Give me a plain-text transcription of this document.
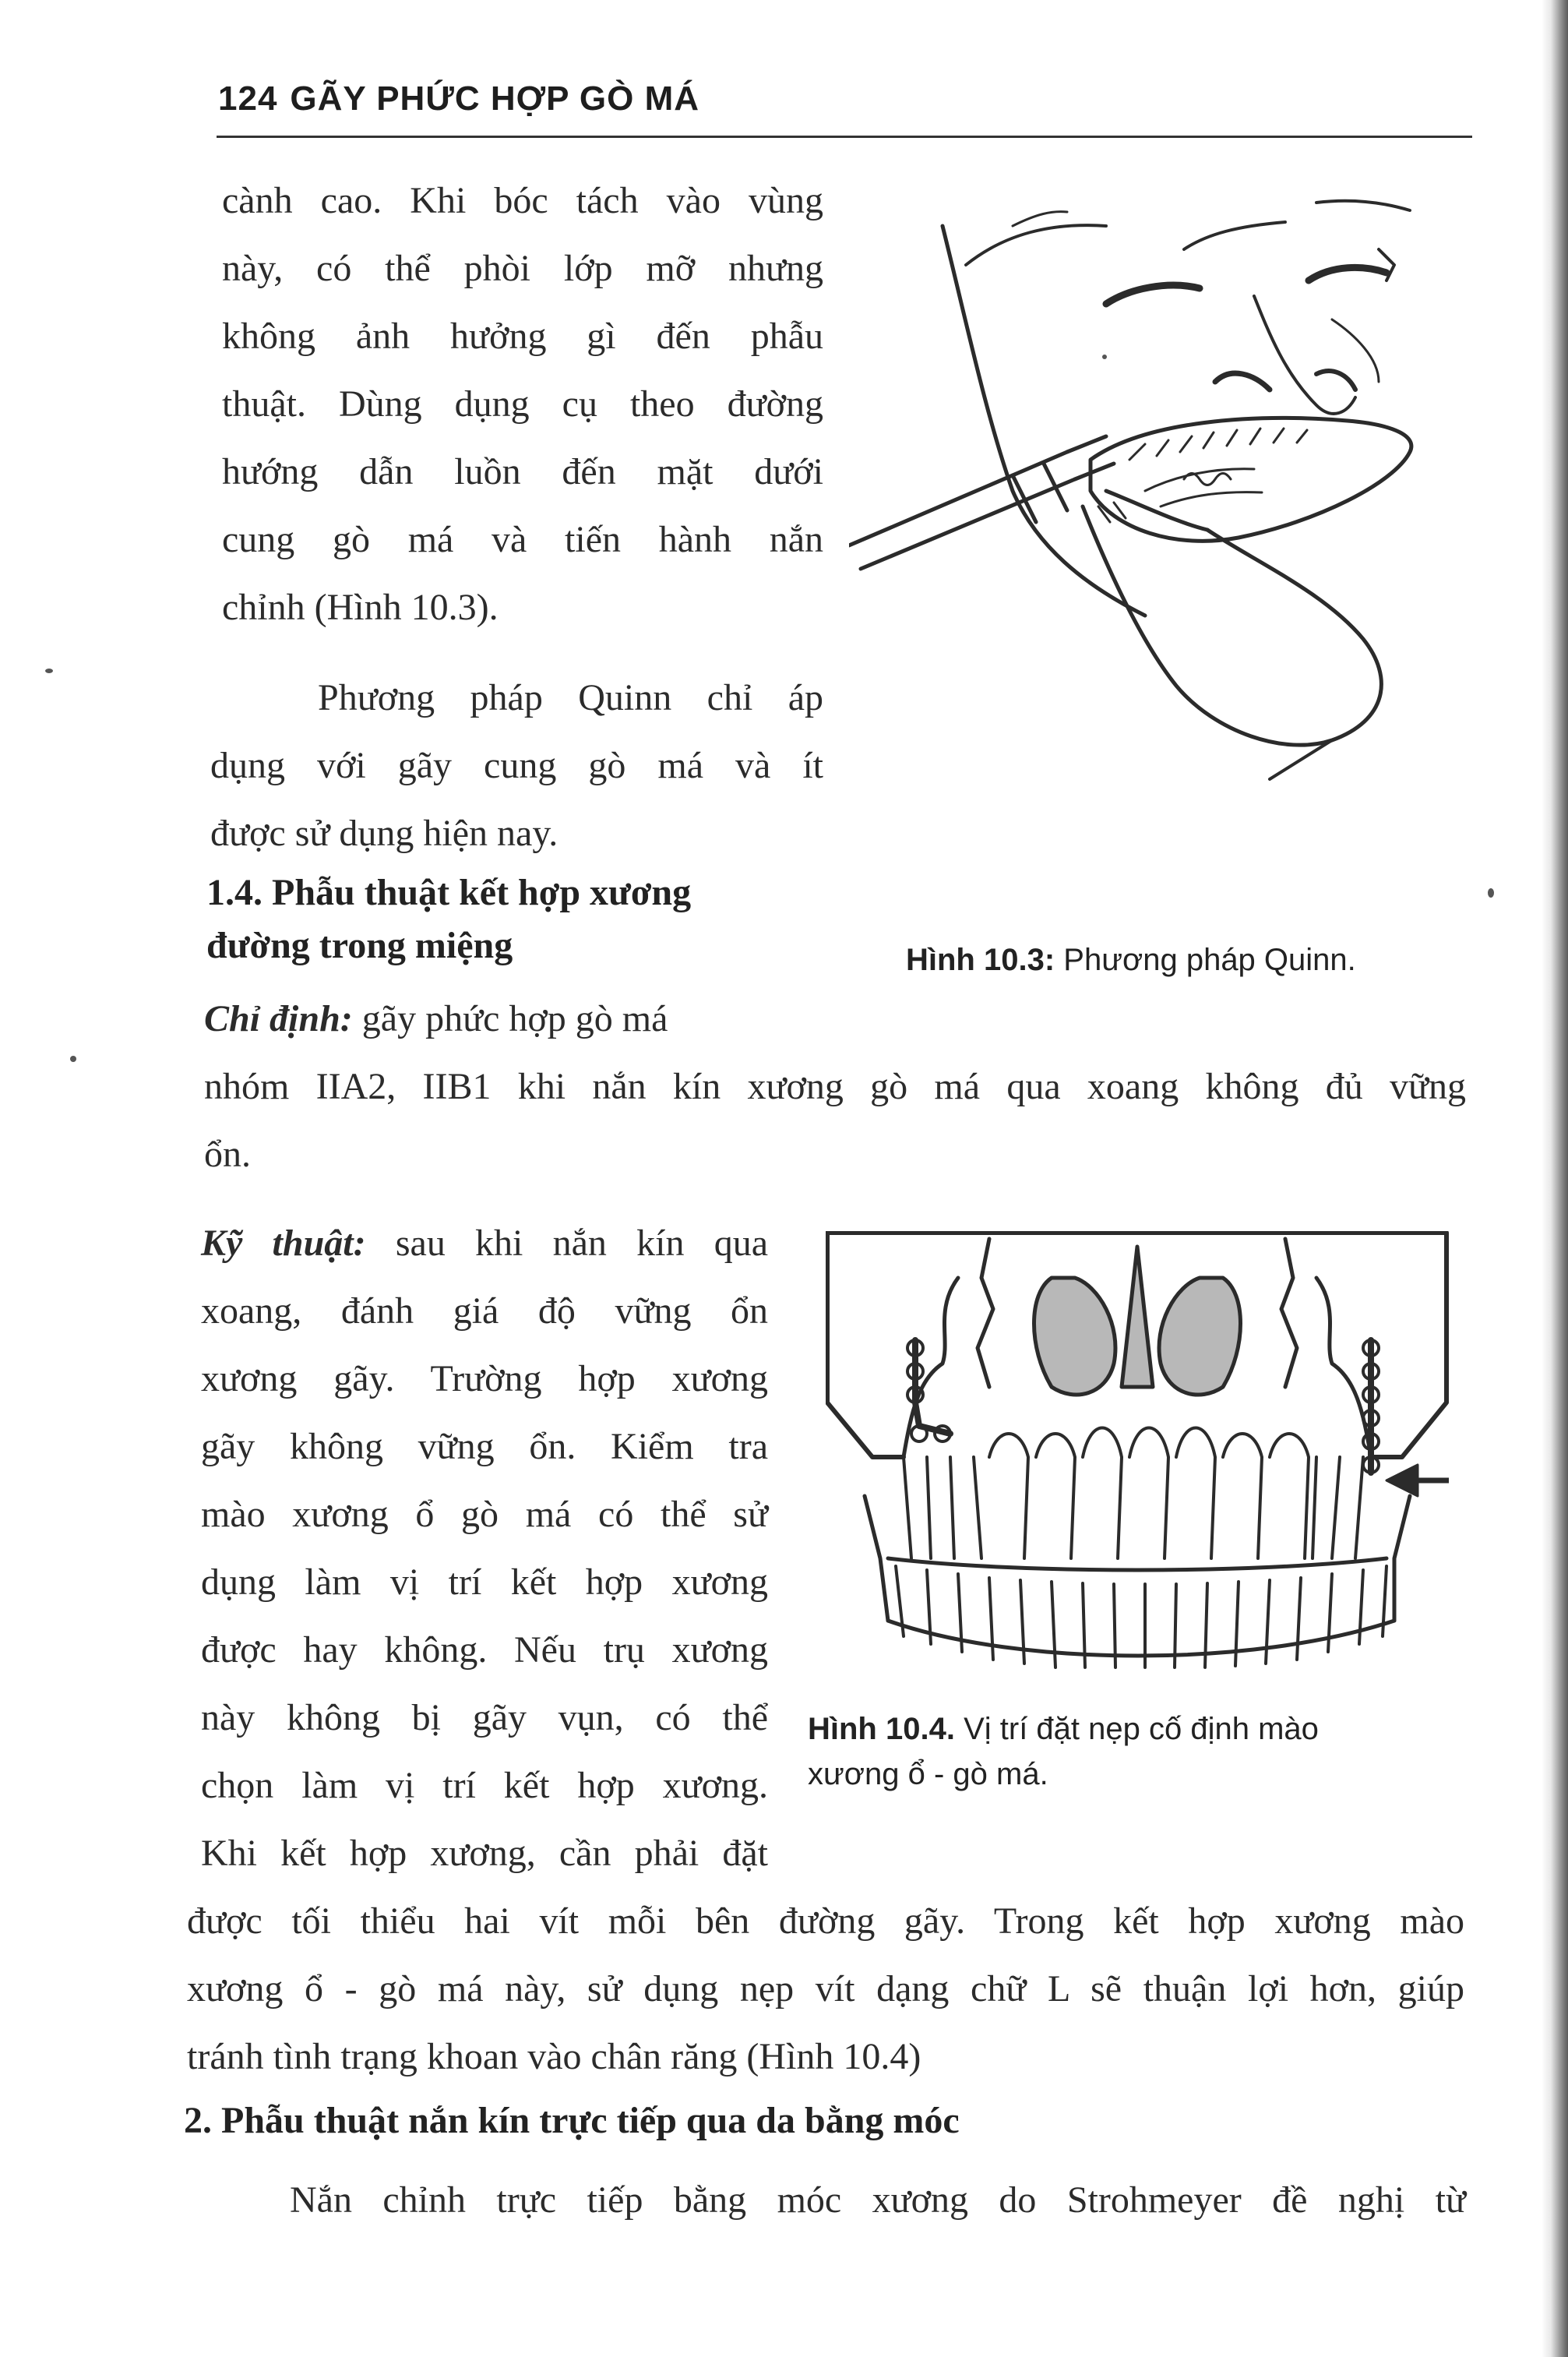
124 GÃY PHỨC HỢP GÒ MÁ

cành cao. Khi bóc tách vào vùng

này, có thể phòi lớp mỡ nhưng

không ảnh hưởng gì đến phẫu

thuật. Dùng dụng cụ theo đường

hướng dẫn luồn đến mặt dưới

cung gò má và tiến hành nắn

chỉnh (Hình 10.3).

Phương pháp Quinn chỉ áp

dụng với gãy cung gò má và ít

được sử dụng hiện nay.

1.4. Phẫu thuật kết hợp xương

đường trong miệng

Chỉ định: gãy phức hợp gò má

nhóm IIA2, IIB1 khi nắn kín xương gò má qua xoang không đủ vững

ổn.

Kỹ thuật: sau khi nắn kín qua

xoang, đánh giá độ vững ổn

xương gãy. Trường hợp xương

gãy không vững ổn. Kiểm tra

mào xương ổ gò má có thể sử

dụng làm vị trí kết hợp xương

được hay không. Nếu trụ xương

này không bị gãy vụn, có thể

chọn làm vị trí kết hợp xương.

Khi kết hợp xương, cần phải đặt

được tối thiểu hai vít mỗi bên đường gãy. Trong kết hợp xương mào

xương ổ - gò má này, sử dụng nẹp vít dạng chữ L sẽ thuận lợi hơn, giúp

tránh tình trạng khoan vào chân răng (Hình 10.4)

2. Phẫu thuật nắn kín trực tiếp qua da bằng móc

Nắn chỉnh trực tiếp bằng móc xương do Strohmeyer đề nghị từ

Hình 10.3: Phương pháp Quinn.

Hình 10.4. Vị trí đặt nẹp cố định mào

xương ổ - gò má.
